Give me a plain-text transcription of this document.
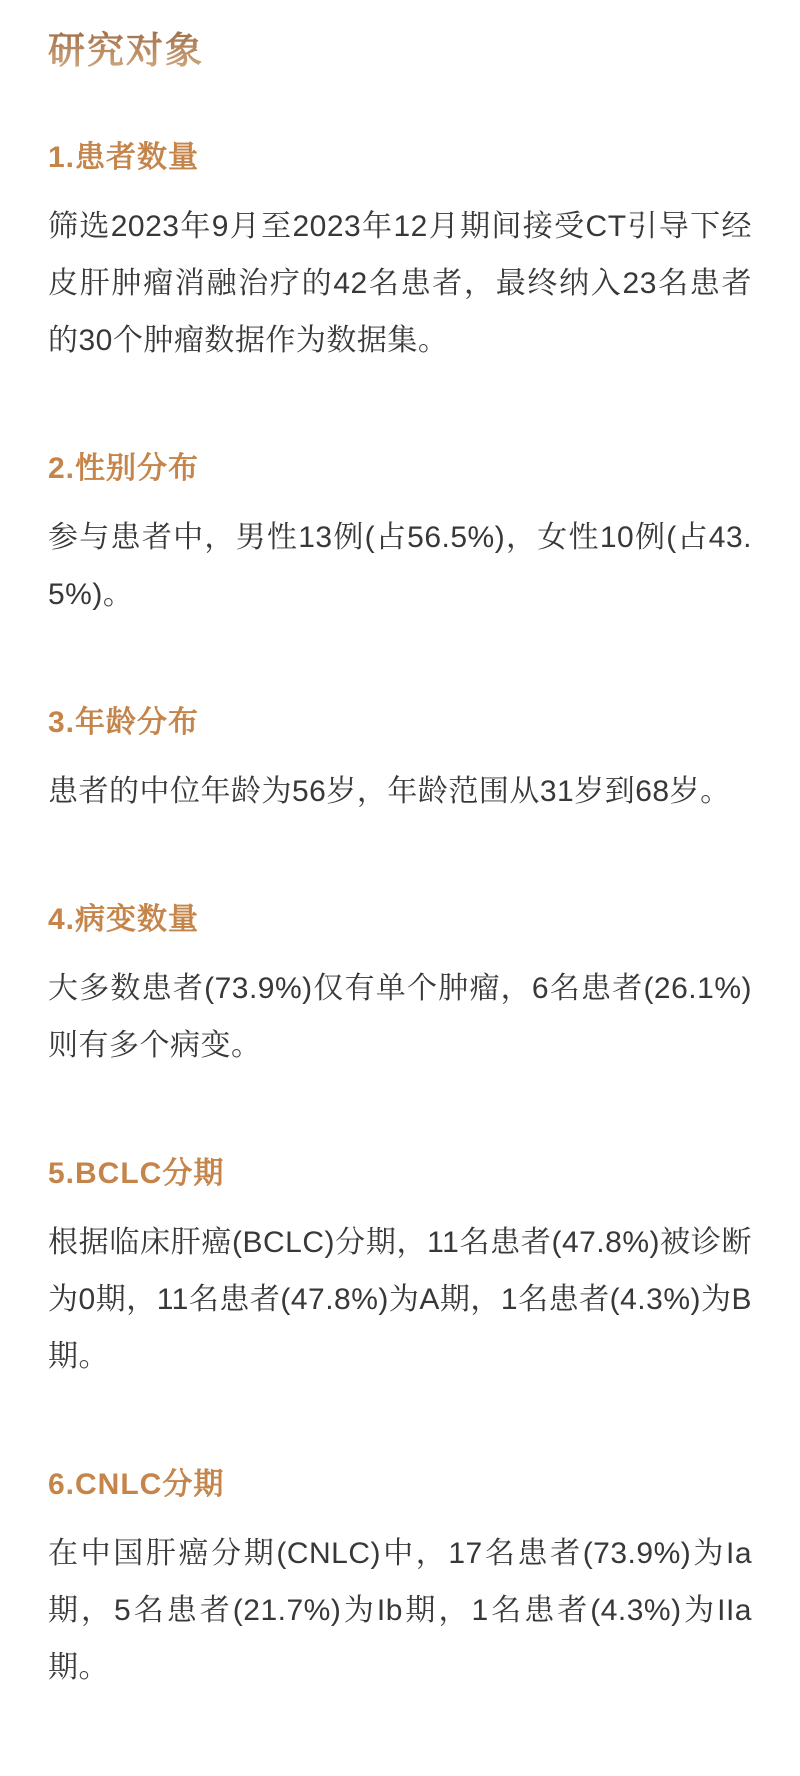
研究对象
1.患者数量

筛选2023年9月至2023年12月期间接受CT引导下经皮肝肿瘤消融治疗的42名患者，最终纳入23名患者的30个肿瘤数据作为数据集。

2.性别分布

参与患者中，男性13例(占56.5%)，女性10例(占43.5%)。

3.年龄分布

患者的中位年龄为56岁，年龄范围从31岁到68岁。

4.病变数量

大多数患者(73.9%)仅有单个肿瘤，6名患者(26.1%)则有多个病变。

5.BCLC分期

根据临床肝癌(BCLC)分期，11名患者(47.8%)被诊断为0期，11名患者(47.8%)为A期，1名患者(4.3%)为B期。

6.CNLC分期

在中国肝癌分期(CNLC)中，17名患者(73.9%)为Ia期，5名患者(21.7%)为Ib期，1名患者(4.3%)为IIa期。
